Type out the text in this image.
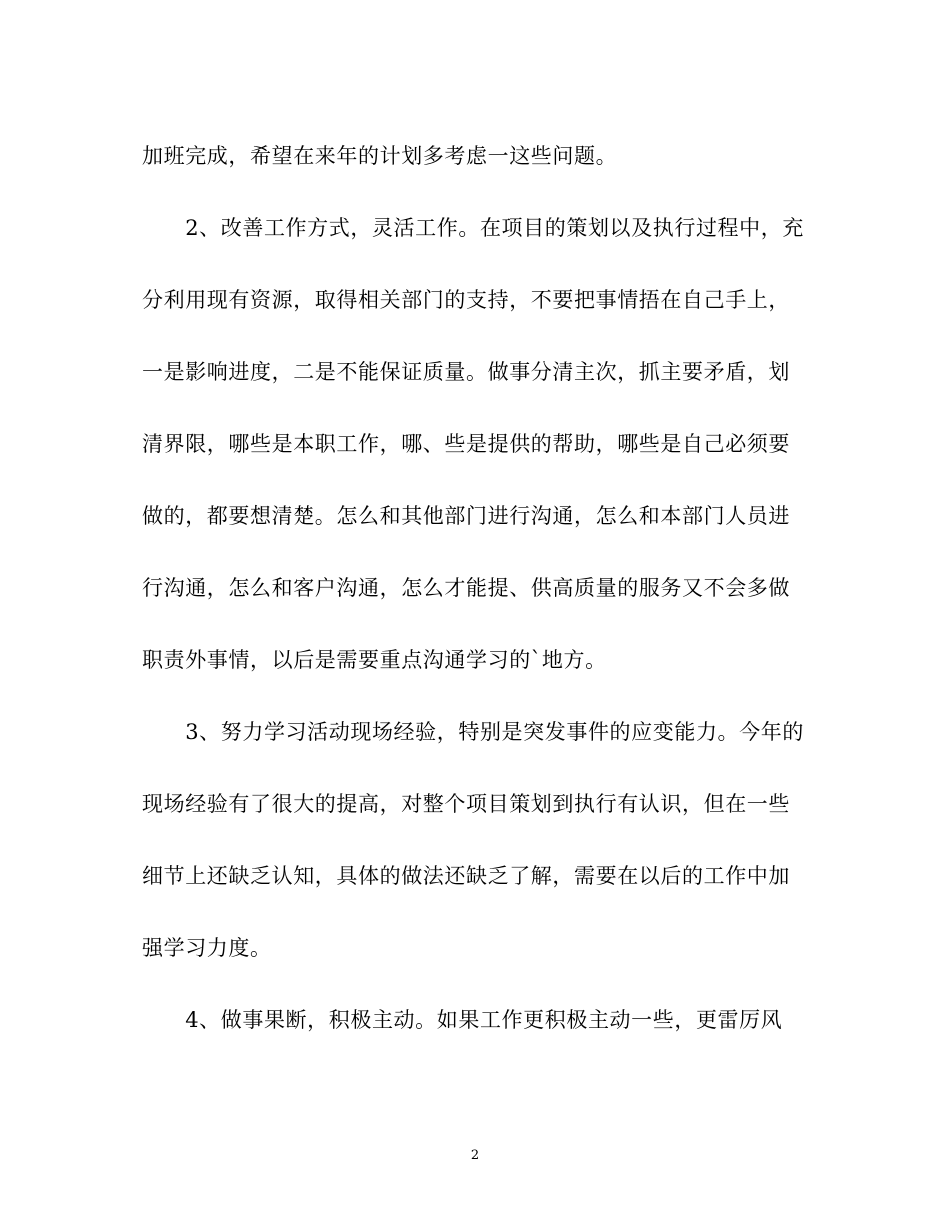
加班完成，希望在来年的计划多考虑一这些问题。
　　2、改善工作方式，灵活工作。在项目的策划以及执行过程中，充
分利用现有资源，取得相关部门的支持，不要把事情捂在自己手上，
一是影响进度，二是不能保证质量。做事分清主次，抓主要矛盾，划
清界限，哪些是本职工作，哪、些是提供的帮助，哪些是自己必须要
做的，都要想清楚。怎么和其他部门进行沟通，怎么和本部门人员进
行沟通，怎么和客户沟通，怎么才能提、供高质量的服务又不会多做
职责外事情，以后是需要重点沟通学习的`地方。
　　3、努力学习活动现场经验，特别是突发事件的应变能力。今年的
现场经验有了很大的提高，对整个项目策划到执行有认识，但在一些
细节上还缺乏认知，具体的做法还缺乏了解，需要在以后的工作中加
强学习力度。
　　4、做事果断，积极主动。如果工作更积极主动一些，更雷厉风
2
